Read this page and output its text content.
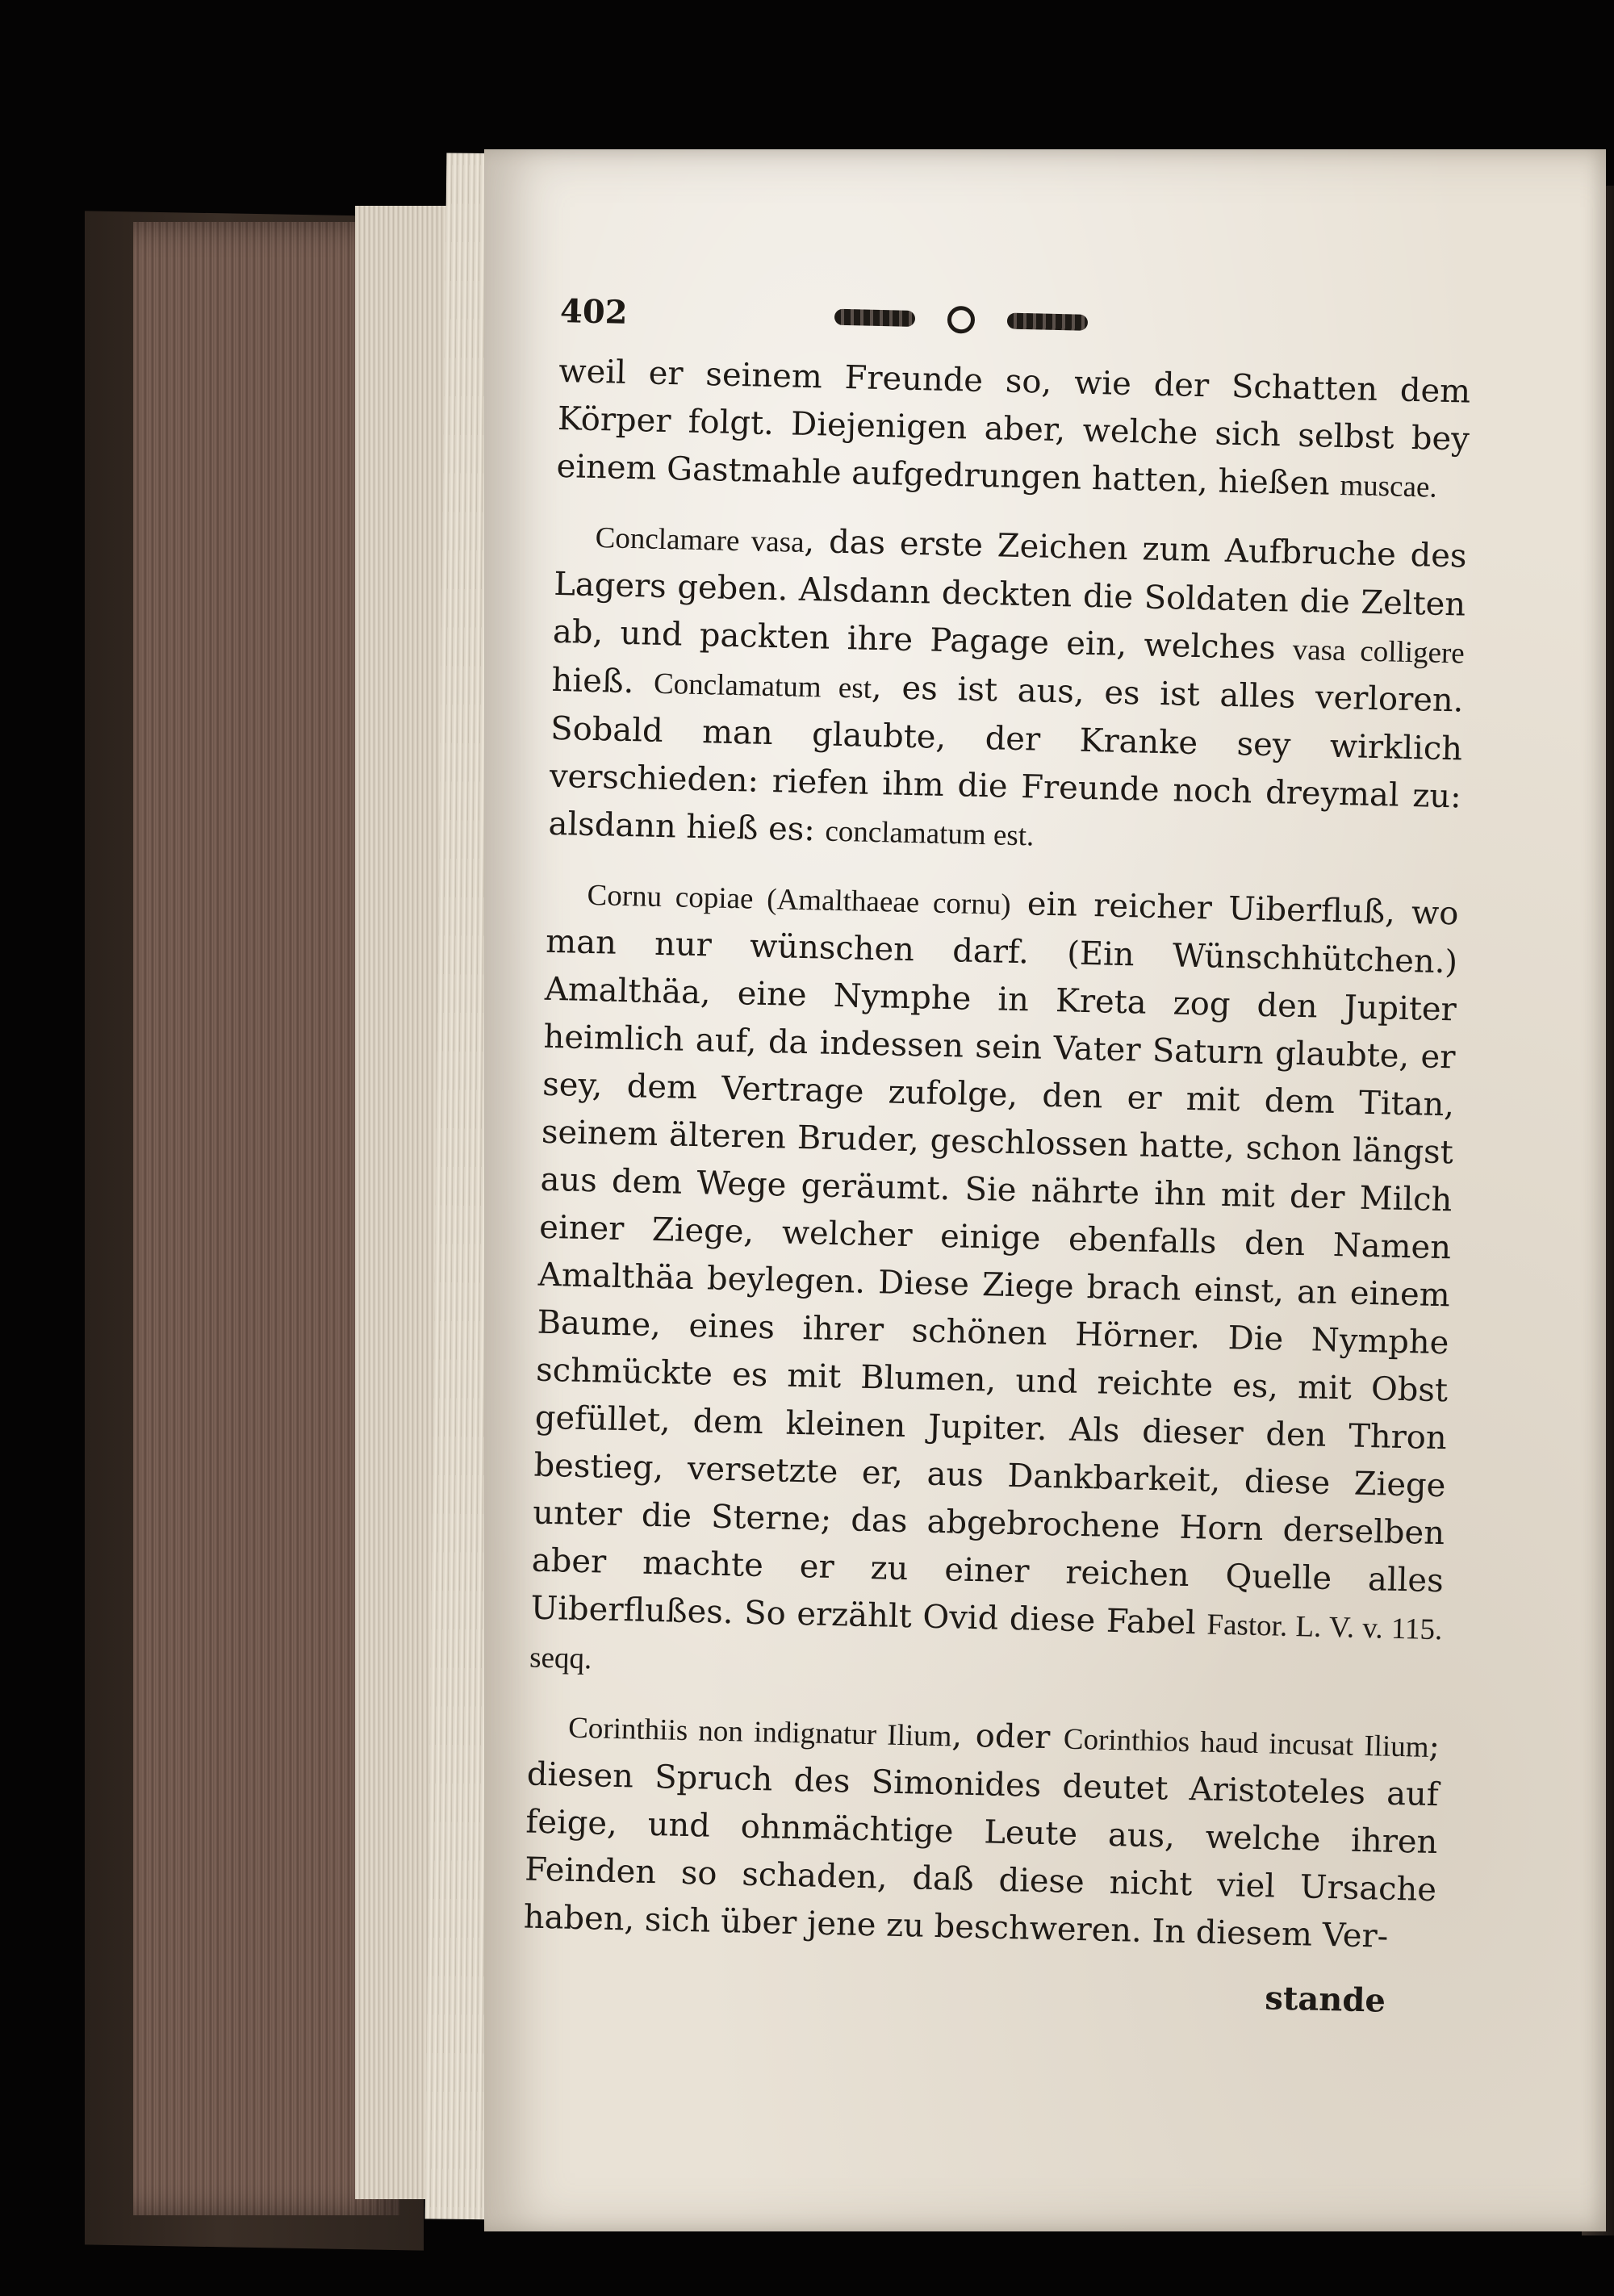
402

weil er seinem Freunde so, wie der Schatten dem Körper folgt. Diejenigen aber, welche sich selbst bey einem Gastmahle aufgedrungen hatten, hießen muscae.

Conclamare vasa, das erste Zeichen zum Aufbruche des Lagers geben. Alsdann deckten die Soldaten die Zelten ab, und packten ihre Pagage ein, welches vasa colligere hieß. Conclamatum est, es ist aus, es ist alles verloren. Sobald man glaubte, der Kranke sey wirklich verschieden: riefen ihm die Freunde noch dreymal zu: alsdann hieß es: conclamatum est.

Cornu copiae (Amalthaeae cornu) ein reicher Uiberfluß, wo man nur wünschen darf. (Ein Wünschhütchen.) Amalthäa, eine Nymphe in Kreta zog den Jupiter heimlich auf, da indessen sein Vater Saturn glaubte, er sey, dem Vertrage zufolge, den er mit dem Titan, seinem älteren Bruder, geschlossen hatte, schon längst aus dem Wege geräumt. Sie nährte ihn mit der Milch einer Ziege, welcher einige ebenfalls den Namen Amalthäa beylegen. Diese Ziege brach einst, an einem Baume, eines ihrer schönen Hörner. Die Nymphe schmückte es mit Blumen, und reichte es, mit Obst gefüllet, dem kleinen Jupiter. Als dieser den Thron bestieg, versetzte er, aus Dankbarkeit, diese Ziege unter die Sterne; das abgebrochene Horn derselben aber machte er zu einer reichen Quelle alles Uiberflußes. So erzählt Ovid diese Fabel Fastor. L. V. v. 115. seqq.

Corinthiis non indignatur Ilium, oder Corinthios haud incusat Ilium; diesen Spruch des Simonides deutet Aristoteles auf feige, und ohnmächtige Leute aus, welche ihren Feinden so schaden, daß diese nicht viel Ursache haben, sich über jene zu beschweren. In diesem Ver-

stande
